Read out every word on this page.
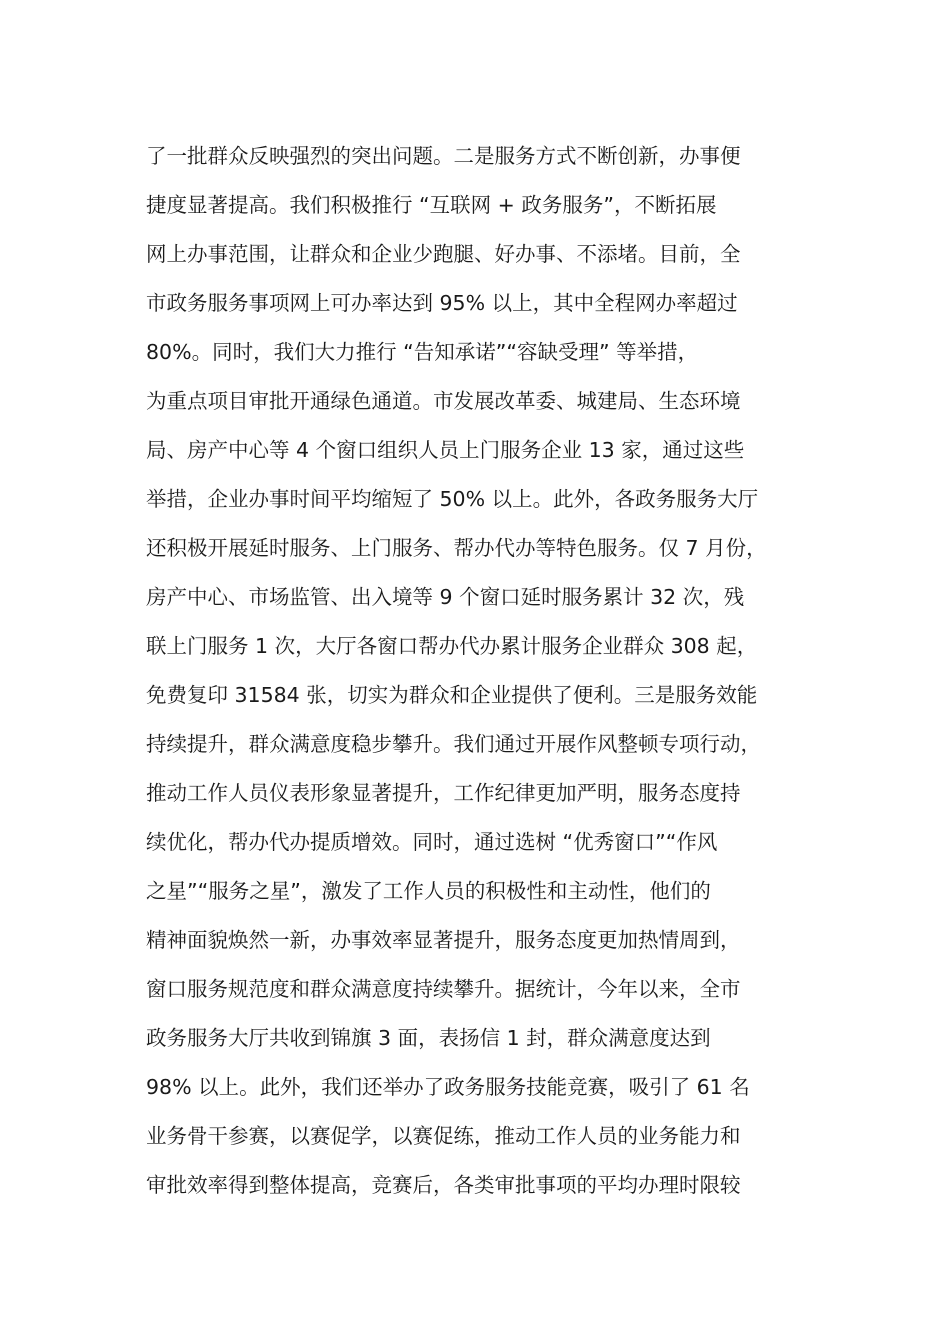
了一批群众反映强烈的突出问题。二是服务方式不断创新，办事便
捷度显著提高。我们积极推行 “互联网 + 政务服务”，不断拓展
网上办事范围，让群众和企业少跑腿、好办事、不添堵。目前，全
市政务服务事项网上可办率达到 95% 以上，其中全程网办率超过
80%。同时，我们大力推行 “告知承诺”“容缺受理” 等举措，
为重点项目审批开通绿色通道。市发展改革委、城建局、生态环境
局、房产中心等 4 个窗口组织人员上门服务企业 13 家，通过这些
举措，企业办事时间平均缩短了 50% 以上。此外，各政务服务大厅
还积极开展延时服务、上门服务、帮办代办等特色服务。仅 7 月份，
房产中心、市场监管、出入境等 9 个窗口延时服务累计 32 次，残
联上门服务 1 次，大厅各窗口帮办代办累计服务企业群众 308 起，
免费复印 31584 张，切实为群众和企业提供了便利。三是服务效能
持续提升，群众满意度稳步攀升。我们通过开展作风整顿专项行动，
推动工作人员仪表形象显著提升，工作纪律更加严明，服务态度持
续优化，帮办代办提质增效。同时，通过选树 “优秀窗口”“作风
之星”“服务之星”，激发了工作人员的积极性和主动性，他们的
精神面貌焕然一新，办事效率显著提升，服务态度更加热情周到，
窗口服务规范度和群众满意度持续攀升。据统计，今年以来，全市
政务服务大厅共收到锦旗 3 面，表扬信 1 封，群众满意度达到
98% 以上。此外，我们还举办了政务服务技能竞赛，吸引了 61 名
业务骨干参赛，以赛促学，以赛促练，推动工作人员的业务能力和
审批效率得到整体提高，竞赛后，各类审批事项的平均办理时限较
